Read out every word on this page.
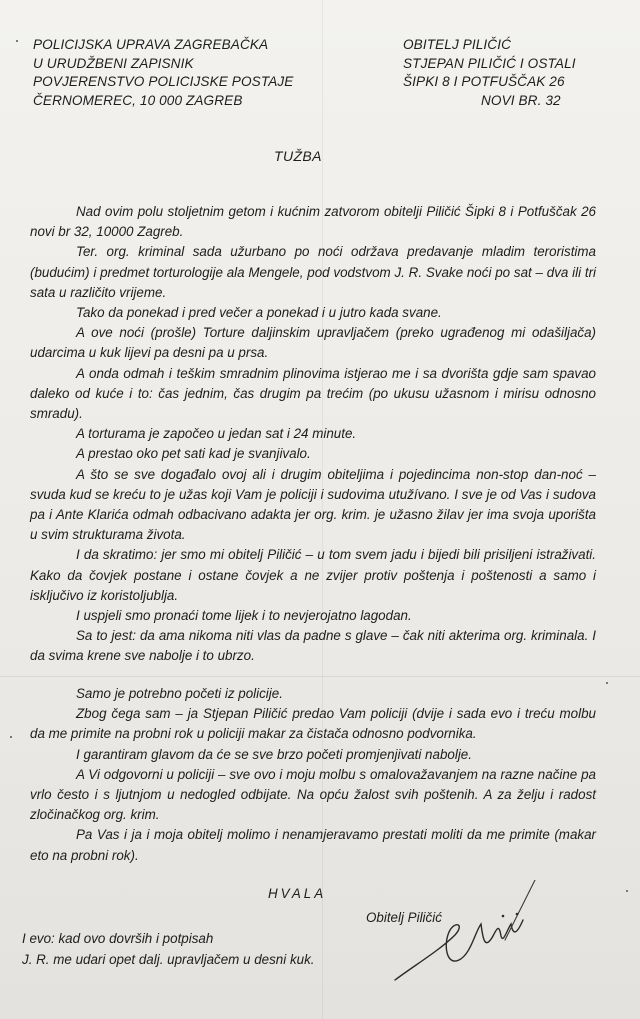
POLICIJSKA UPRAVA ZAGREBAČKA
U URUDŽBENI ZAPISNIK
POVJERENSTVO POLICIJSKE POSTAJE
ČERNOMEREC, 10 000 ZAGREB
OBITELJ PILIČIĆ
STJEPAN PILIČIĆ I OSTALI
ŠIPKI 8 I POTFUŠČAK 26
NOVI BR. 32
TUŽBA

Nad ovim polu stoljetnim getom i kućnim zatvorom obitelji Piličić Šipki 8 i Potfuščak 26 novi br 32, 10000 Zagreb.

Ter. org. kriminal sada užurbano po noći održava predavanje mladim teroristima (budućim) i predmet torturologije ala Mengele, pod vodstvom J. R. Svake noći po sat – dva ili tri sata u različito vrijeme.

Tako da ponekad i pred večer a ponekad i u jutro kada svane.

A ove noći (prošle) Torture daljinskim upravljačem (preko ugrađenog mi odašiljača) udarcima u kuk lijevi pa desni pa u prsa.

A onda odmah i teškim smradnim plinovima istjerao me i sa dvorišta gdje sam spavao daleko od kuće i to: čas jednim, čas drugim pa trećim (po ukusu užasnom i mirisu odnosno smradu).

A torturama je započeo u jedan sat i 24 minute.

A prestao oko pet sati kad je svanjivalo.

A što se sve događalo ovoj ali i drugim obiteljima i pojedincima non-stop dan-noć – svuda kud se kreću to je užas koji Vam je policiji i sudovima utužívano. I sve je od Vas i sudova pa i Ante Klarića odmah odbacivano adakta jer org. krim. je užasno žilav jer ima svoja uporišta u svim strukturama života.

I da skratimo: jer smo mi obitelj Piličić – u tom svem jadu i bijedi bili prisiljeni istraživati. Kako da čovjek postane i ostane čovjek a ne zvijer protiv poštenja i poštenosti a samo i isključivo iz koristoljublja.

I uspjeli smo pronaći tome lijek i to nevjerojatno lagodan.

Sa to jest: da ama nikoma niti vlas da padne s glave – čak niti akterima org. kriminala. I da svima krene sve nabolje i to ubrzo.

Samo je potrebno početi iz policije.

Zbog čega sam – ja Stjepan Piličić predao Vam policiji (dvije i sada evo i treću molbu da me primite na probni rok u policiji makar za čistača odnosno podvornika.

I garantiram glavom da će se sve brzo početi promjenjivati nabolje.

A Vi odgovorni u policiji – sve ovo i moju molbu s omalovažavanjem na razne načine pa vrlo često i s ljutnjom u nedogled odbijate. Na opću žalost svih poštenih. A za želju i radost zločinačkog org. krim.

Pa Vas i ja i moja obitelj molimo i nenamjeravamo prestati moliti da me primite (makar eto na probni rok).

HVALA
Obitelj Piličić
I evo: kad ovo dovrših i potpisah
J. R. me udari opet dalj. upravljačem u desni kuk.
